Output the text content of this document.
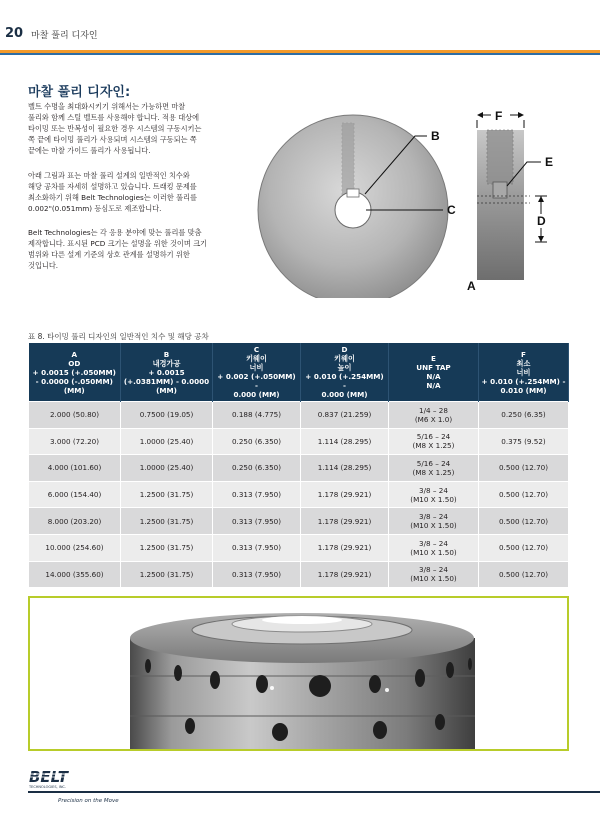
20 마찰 풀리 디자인
마찰 풀리 디자인:
벨트 수명을 최대화시키기 위해서는 가능하면 마찰
풀리와 함께 스틸 벨트를 사용해야 합니다. 적용 대상에
타이밍 또는 반복성이 필요한 경우 시스템의 구동시키는
쪽 끝에 타이밍 풀리가 사용되며 시스템의 구동되는 쪽
끝에는 마찰 가이드 풀리가 사용됩니다.
아래 그림과 표는 마찰 풀리 설계의 일반적인 치수와
해당 공차를 자세히 설명하고 있습니다. 트래킹 문제를
최소화하기 위해 Belt Technologies는 이러한 풀리를
0.002"(0.051mm) 등심도로 제조합니다.
Belt Technologies는 각 응용 분야에 맞는 풀리를 맞춤
제작합니다. 표시된 PCD 크기는 설명을 위한 것이며 크기
범위와 다른 설계 기준의 상호 관계를 설명하기 위한
것입니다.
B
C
F
E
D
A
표 8. 타이밍 풀리 디자인의 일반적인 치수 및 해당 공차
A
OD
+ 0.0015 (+.050MM)
- 0.0000 (-.050MM)
(MM)	B
내경가공
+ 0.0015
(+.0381MM) - 0.0000
(MM)	C
키웨이
너비
+ 0.002 (+.050MM) -
0.000 (MM)	D
키웨이
높이
+ 0.010 (+.254MM) -
0.000 (MM)	E
UNF TAP
N/A
N/A	F
최소
너비
+ 0.010 (+.254MM) -
0.010 (MM)
2.000 (50.80)	0.7500 (19.05)	0.188 (4.775)	0.837 (21.259)	1/4 – 28
(M6 X 1.0)	0.250 (6.35)
3.000 (72.20)	1.0000 (25.40)	0.250 (6.350)	1.114 (28.295)	5/16 – 24
(M8 X 1.25)	0.375 (9.52)
4.000 (101.60)	1.0000 (25.40)	0.250 (6.350)	1.114 (28.295)	5/16 – 24
(M8 X 1.25)	0.500 (12.70)
6.000 (154.40)	1.2500 (31.75)	0.313 (7.950)	1.178 (29.921)	3/8 – 24
(M10 X 1.50)	0.500 (12.70)
8.000 (203.20)	1.2500 (31.75)	0.313 (7.950)	1.178 (29.921)	3/8 – 24
(M10 X 1.50)	0.500 (12.70)
10.000 (254.60)	1.2500 (31.75)	0.313 (7.950)	1.178 (29.921)	3/8 – 24
(M10 X 1.50)	0.500 (12.70)
14.000 (355.60)	1.2500 (31.75)	0.313 (7.950)	1.178 (29.921)	3/8 – 24
(M10 X 1.50)	0.500 (12.70)
BELT
TECHNOLOGIES, INC.
Precision on the Move
